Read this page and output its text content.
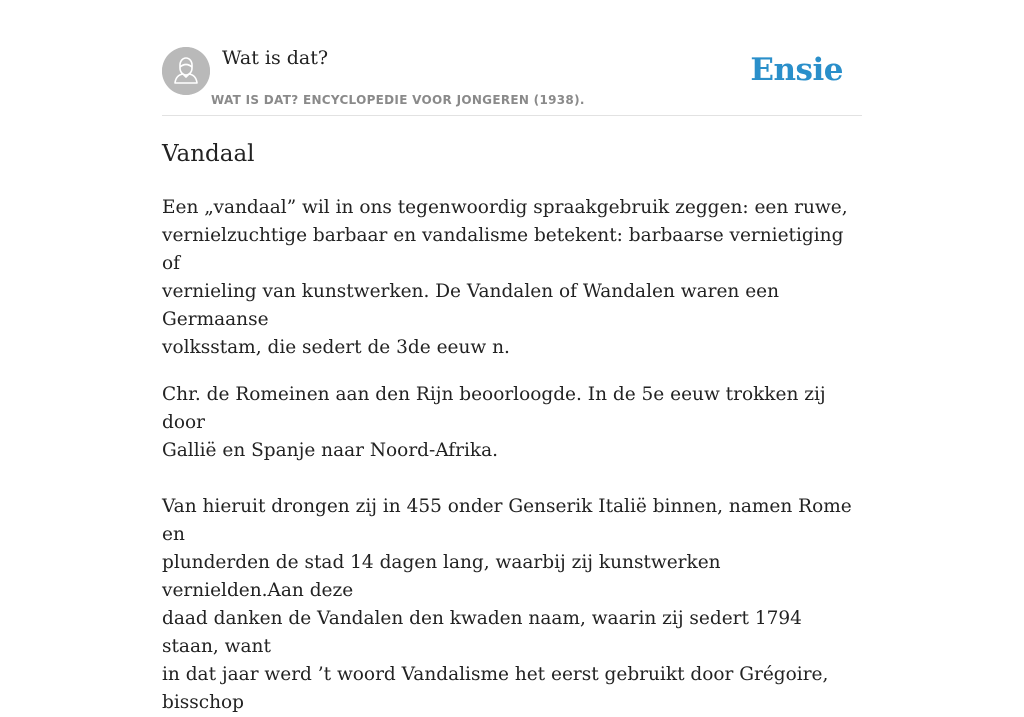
Wat is dat?
WAT IS DAT? ENCYCLOPEDIE VOOR JONGEREN (1938).
Ensie
Vandaal

Een „vandaal” wil in ons tegenwoordig spraakgebruik zeggen: een ruwe,
vernielzuchtige barbaar en vandalisme betekent: barbaarse vernietiging of
vernieling van kunstwerken. De Vandalen of Wandalen waren een Germaanse
volksstam, die sedert de 3de eeuw n.

Chr. de Romeinen aan den Rijn beoorloogde. In de 5e eeuw trokken zij door
Gallië en Spanje naar Noord-Afrika.

Van hieruit drongen zij in 455 onder Genserik Italië binnen, namen Rome en
plunderden de stad 14 dagen lang, waarbij zij kunstwerken vernielden.Aan deze
daad danken de Vandalen den kwaden naam, waarin zij sedert 1794 staan, want
in dat jaar werd ’t woord Vandalisme het eerst gebruikt door Grégoire, bisschop
